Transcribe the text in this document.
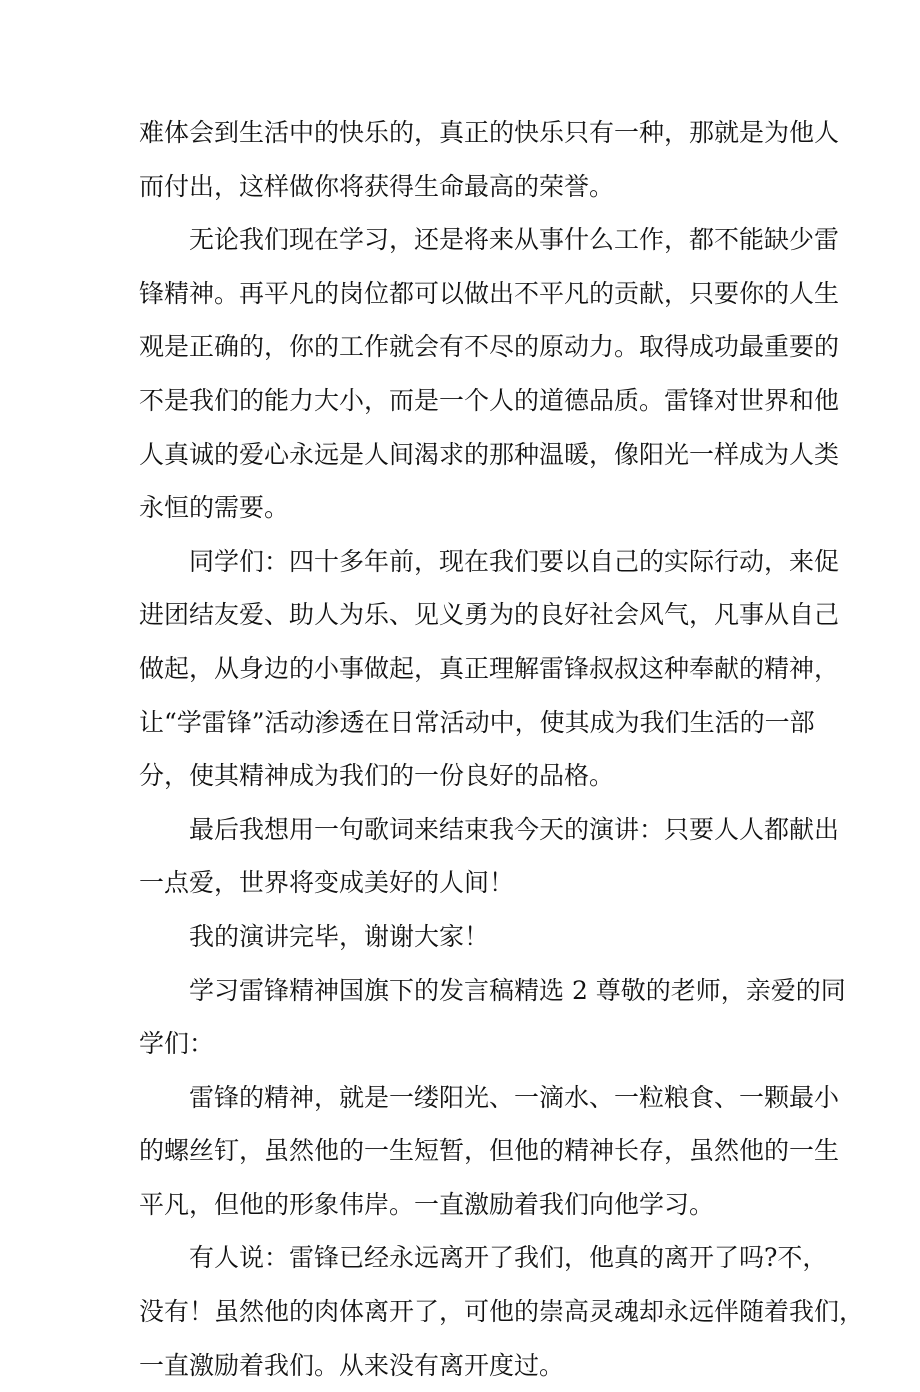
难体会到生活中的快乐的，真正的快乐只有一种，那就是为他人
而付出，这样做你将获得生命最高的荣誉。
无论我们现在学习，还是将来从事什么工作，都不能缺少雷
锋精神。再平凡的岗位都可以做出不平凡的贡献，只要你的人生
观是正确的，你的工作就会有不尽的原动力。取得成功最重要的
不是我们的能力大小，而是一个人的道德品质。雷锋对世界和他
人真诚的爱心永远是人间渴求的那种温暖，像阳光一样成为人类
永恒的需要。
同学们：四十多年前，现在我们要以自己的实际行动，来促
进团结友爱、助人为乐、见义勇为的良好社会风气，凡事从自己
做起，从身边的小事做起，真正理解雷锋叔叔这种奉献的精神，
让“学雷锋”活动渗透在日常活动中，使其成为我们生活的一部
分，使其精神成为我们的一份良好的品格。
最后我想用一句歌词来结束我今天的演讲：只要人人都献出
一点爱，世界将变成美好的人间！
我的演讲完毕，谢谢大家！
学习雷锋精神国旗下的发言稿精选 2 尊敬的老师，亲爱的同
学们：
雷锋的精神，就是一缕阳光、一滴水、一粒粮食、一颗最小
的螺丝钉，虽然他的一生短暂，但他的精神长存，虽然他的一生
平凡，但他的形象伟岸。一直激励着我们向他学习。
有人说：雷锋已经永远离开了我们，他真的离开了吗?不，
没有！虽然他的肉体离开了，可他的崇高灵魂却永远伴随着我们，
一直激励着我们。从来没有离开度过。
